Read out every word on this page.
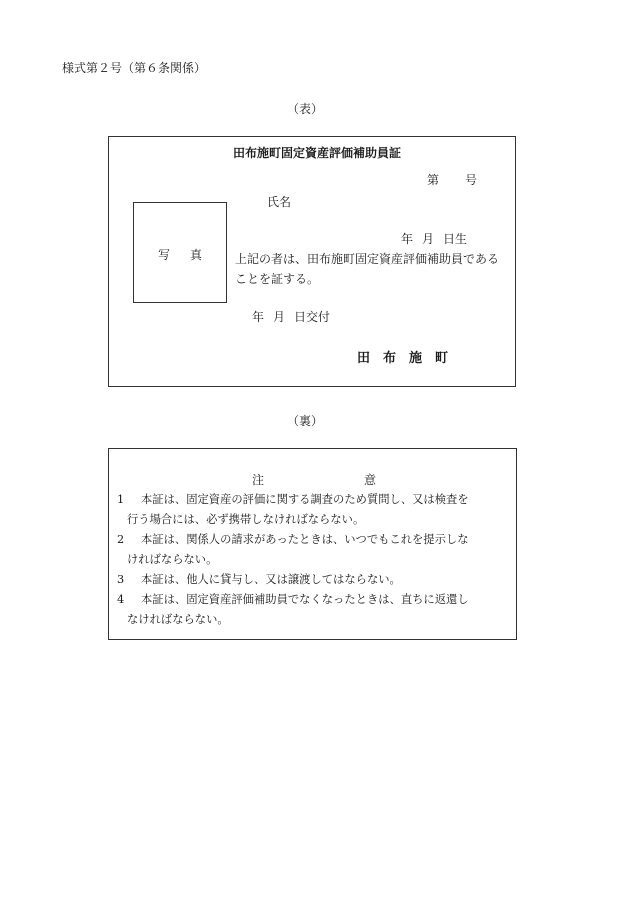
様式第２号（第６条関係）
（表）
田布施町固定資産評価補助員証
第 号
氏名
写 真
年 月 日生
上記の者は、田布施町固定資産評価補助員である
ことを証する。
年 月 日交付
田 布 施 町
（裏）
注	意
1 本証は、固定資産の評価に関する調査のため質問し、又は検査を
行う場合には、必ず携帯しなければならない。
2 本証は、関係人の請求があったときは、いつでもこれを提示しな
ければならない。
3 本証は、他人に貸与し、又は譲渡してはならない。
4 本証は、固定資産評価補助員でなくなったときは、直ちに返還し
なければならない。
